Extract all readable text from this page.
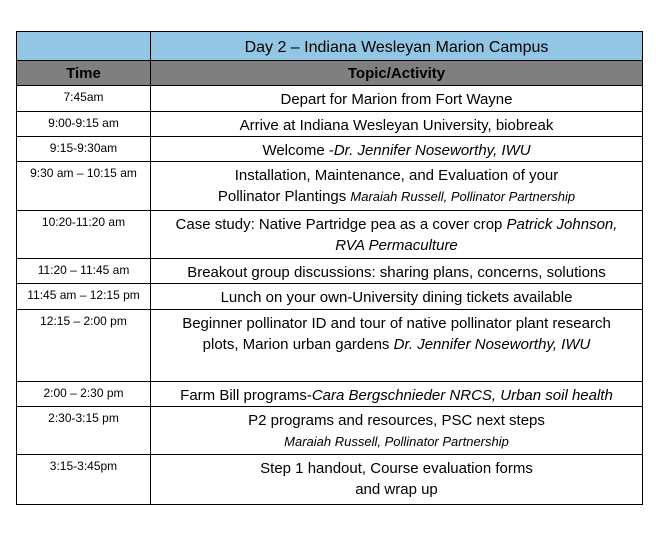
	Day 2 – Indiana Wesleyan Marion Campus
Time	Topic/Activity
7:45am	Depart for Marion from Fort Wayne
9:00-9:15 am	Arrive at Indiana Wesleyan University, biobreak
9:15-9:30am	Welcome -Dr. Jennifer Noseworthy, IWU
9:30 am – 10:15 am	Installation, Maintenance, and Evaluation of your
Pollinator Plantings Maraiah Russell, Pollinator Partnership
10:20-11:20 am	Case study: Native Partridge pea as a cover crop Patrick Johnson,
RVA Permaculture
11:20 – 11:45 am	Breakout group discussions: sharing plans, concerns, solutions
11:45 am – 12:15 pm	Lunch on your own-University dining tickets available
12:15 – 2:00 pm	Beginner pollinator ID and tour of native pollinator plant research
plots, Marion urban gardens Dr. Jennifer Noseworthy, IWU
2:00 – 2:30 pm	Farm Bill programs-Cara Bergschnieder NRCS, Urban soil health
2:30-3:15 pm	P2 programs and resources, PSC next steps
Maraiah Russell, Pollinator Partnership
3:15-3:45pm	Step 1 handout, Course evaluation forms
and wrap up
